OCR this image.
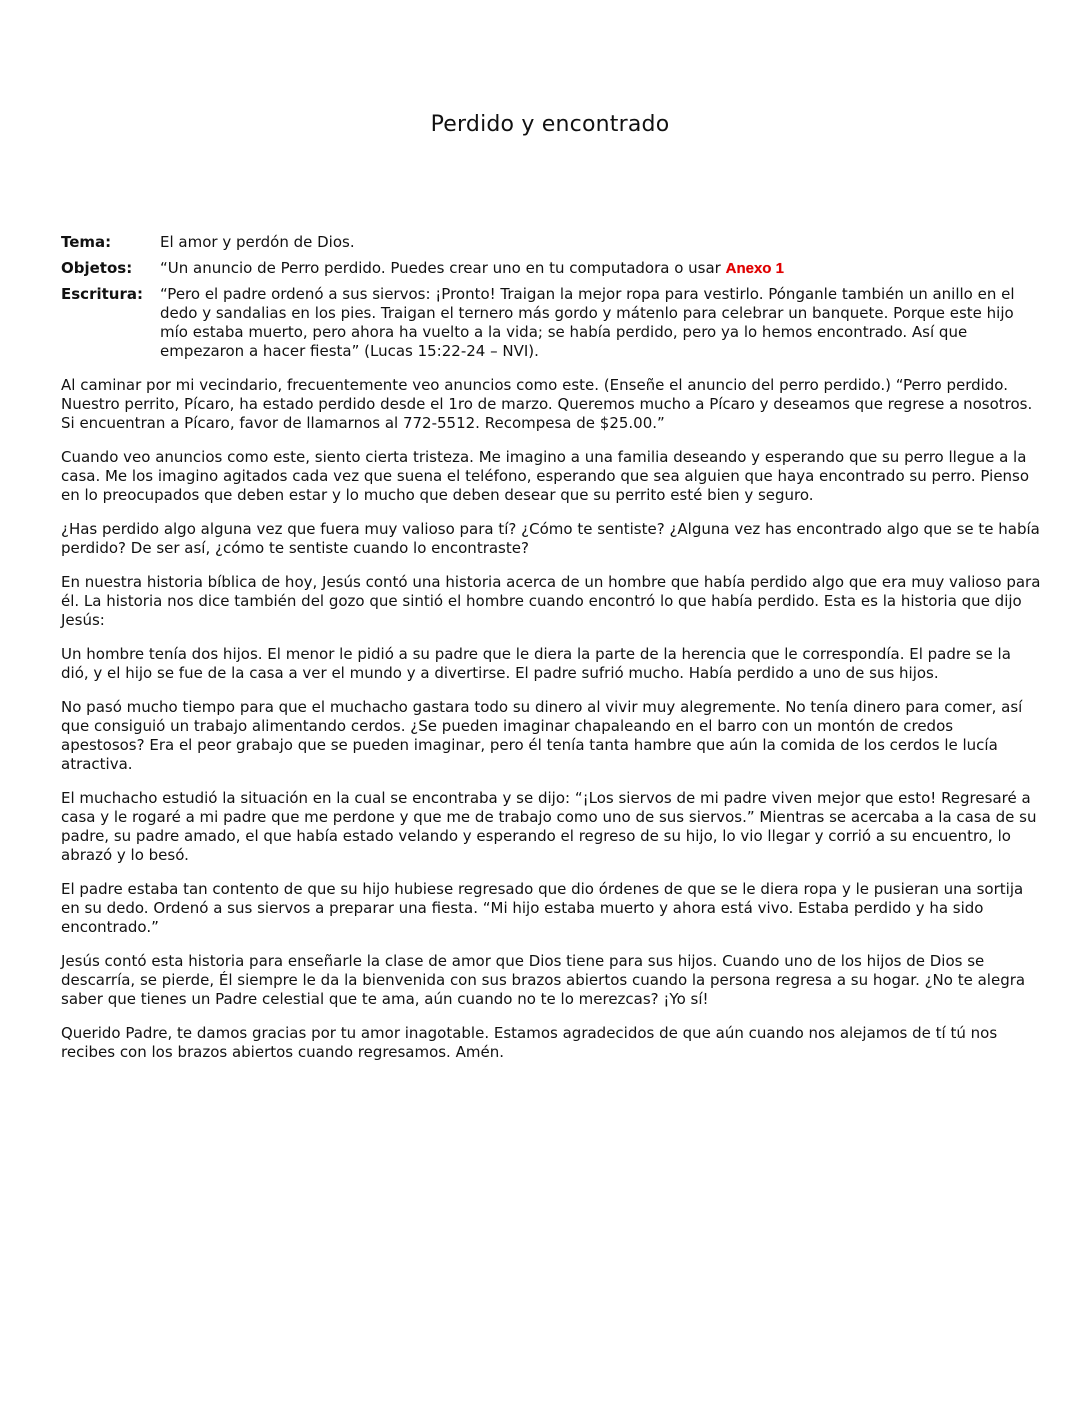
Perdido y encontrado
Tema:	El amor y perdón de Dios.
Objetos:	“Un anuncio de Perro perdido. Puedes crear uno en tu computadora o usar Anexo 1
Escritura:	“Pero el padre ordenó a sus siervos: ¡Pronto! Traigan la mejor ropa para vestirlo. Pónganle también un anillo en el dedo y sandalias en los pies. Traigan el ternero más gordo y mátenlo para celebrar un banquete. Porque este hijo mío estaba muerto, pero ahora ha vuelto a la vida; se había perdido, pero ya lo hemos encontrado. Así que empezaron a hacer fiesta” (Lucas 15:22-24 – NVI).

Al caminar por mi vecindario, frecuentemente veo anuncios como este. (Enseñe el anuncio del perro perdido.) “Perro perdido. Nuestro perrito, Pícaro, ha estado perdido desde el 1ro de marzo. Queremos mucho a Pícaro y deseamos que regrese a nosotros. Si encuentran a Pícaro, favor de llamarnos al 772-5512. Recompesa de $25.00.”

Cuando veo anuncios como este, siento cierta tristeza. Me imagino a una familia deseando y esperando que su perro llegue a la casa. Me los imagino agitados cada vez que suena el teléfono, esperando que sea alguien que haya encontrado su perro. Pienso en lo preocupados que deben estar y lo mucho que deben desear que su perrito esté bien y seguro.

¿Has perdido algo alguna vez que fuera muy valioso para tí? ¿Cómo te sentiste? ¿Alguna vez has encontrado algo que se te había perdido? De ser así, ¿cómo te sentiste cuando lo encontraste?

En nuestra historia bíblica de hoy, Jesús contó una historia acerca de un hombre que había perdido algo que era muy valioso para él. La historia nos dice también del gozo que sintió el hombre cuando encontró lo que había perdido. Esta es la historia que dijo Jesús:

Un hombre tenía dos hijos. El menor le pidió a su padre que le diera la parte de la herencia que le correspondía. El padre se la dió, y el hijo se fue de la casa a ver el mundo y a divertirse. El padre sufrió mucho. Había perdido a uno de sus hijos.

No pasó mucho tiempo para que el muchacho gastara todo su dinero al vivir muy alegremente. No tenía dinero para comer, así que consiguió un trabajo alimentando cerdos. ¿Se pueden imaginar chapaleando en el barro con un montón de credos apestosos? Era el peor grabajo que se pueden imaginar, pero él tenía tanta hambre que aún la comida de los cerdos le lucía atractiva.

El muchacho estudió la situación en la cual se encontraba y se dijo: “¡Los siervos de mi padre viven mejor que esto! Regresaré a casa y le rogaré a mi padre que me perdone y que me de trabajo como uno de sus siervos.” Mientras se acercaba a la casa de su padre, su padre amado, el que había estado velando y esperando el regreso de su hijo, lo vio llegar y corrió a su encuentro, lo abrazó y lo besó.

El padre estaba tan contento de que su hijo hubiese regresado que dio órdenes de que se le diera ropa y le pusieran una sortija en su dedo. Ordenó a sus siervos a preparar una fiesta. “Mi hijo estaba muerto y ahora está vivo. Estaba perdido y ha sido encontrado.”

Jesús contó esta historia para enseñarle la clase de amor que Dios tiene para sus hijos. Cuando uno de los hijos de Dios se descarría, se pierde, Él siempre le da la bienvenida con sus brazos abiertos cuando la persona regresa a su hogar. ¿No te alegra saber que tienes un Padre celestial que te ama, aún cuando no te lo merezcas? ¡Yo sí!

Querido Padre, te damos gracias por tu amor inagotable. Estamos agradecidos de que aún cuando nos alejamos de tí tú nos recibes con los brazos abiertos cuando regresamos. Amén.
